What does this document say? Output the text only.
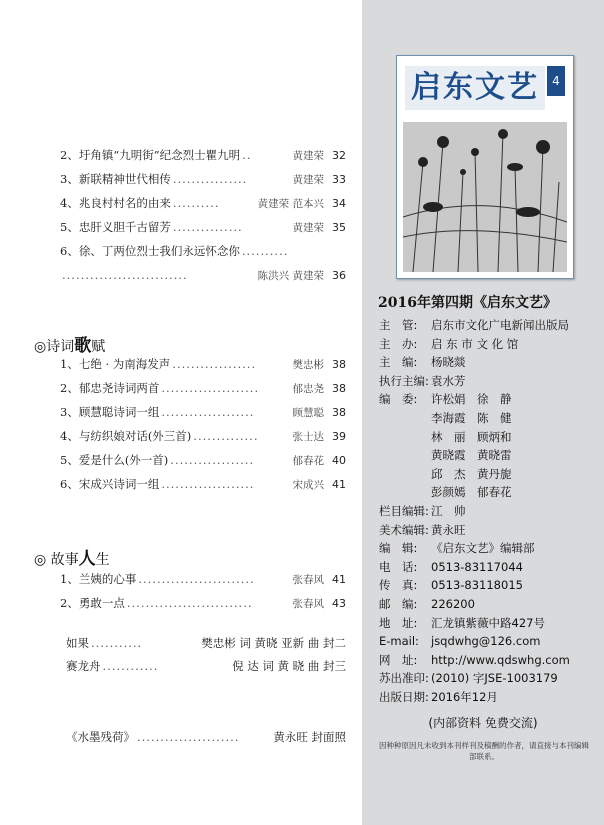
2、圩角镇“九明街”纪念烈士瞿九明 ..	黄建荣 32
3、新联精神世代相传 ................	黄建荣 33
4、兆良村村名的由来 ..........	黄建荣 范本兴 34
5、忠肝义胆千古留芳 ...............	黄建荣 35
6、徐、丁两位烈士我们永远怀念你 ..........
...........................	陈洪兴 黄建荣 36
◎诗词歌赋
1、七绝 · 为南海发声 ..................	樊忠彬 38
2、郁忠尧诗词两首 .....................	郁忠尧 38
3、顾慧聪诗词一组 ....................	顾慧聪 38
4、与纺织娘对话(外三首) ..............	张士达 39
5、爱是什么(外一首) ..................	郁春花 40
6、宋成兴诗词一组 ....................	宋成兴 41
◎ 故事人生
1、兰姨的心事 .........................	张春风 41
2、勇敢一点 ...........................	张春风 43
如果 ...........	樊忠彬 词 黄晓 亚新 曲 封二
赛龙舟 ............	倪 达 词 黄 晓 曲 封三
《水墨残荷》 ......................	黄永旺 封面照
启东文艺	4期
2016年第四期《启东文艺》
主　管: 启东市文化广电新闻出版局
主　办: 启 东 市 文 化 馆
主　编: 杨晓燚
执行主编: 袁水芳
编　委: 许松娟　徐　静
李海霞　陈　健
林　丽　顾炳和
黄晓霞　黄晓雷
邱　杰　黄丹旎
彭颜嫣　郁春花
栏目编辑: 江　帅
美术编辑: 黄永旺
编　辑: 《启东文艺》编辑部
电　话: 0513-83117044
传　真: 0513-83118015
邮　编: 226200
地　址: 汇龙镇紫薇中路427号
E-mail: jsqdwhg@126.com
网　址: http://www.qdswhg.com
苏出准印: (2010) 字JSE-1003179
出版日期: 2016年12月
(内部资料 免费交流)
因种种原因凡未收到本刊样刊及稿酬的作者，请直接与本刊编辑部联系。
